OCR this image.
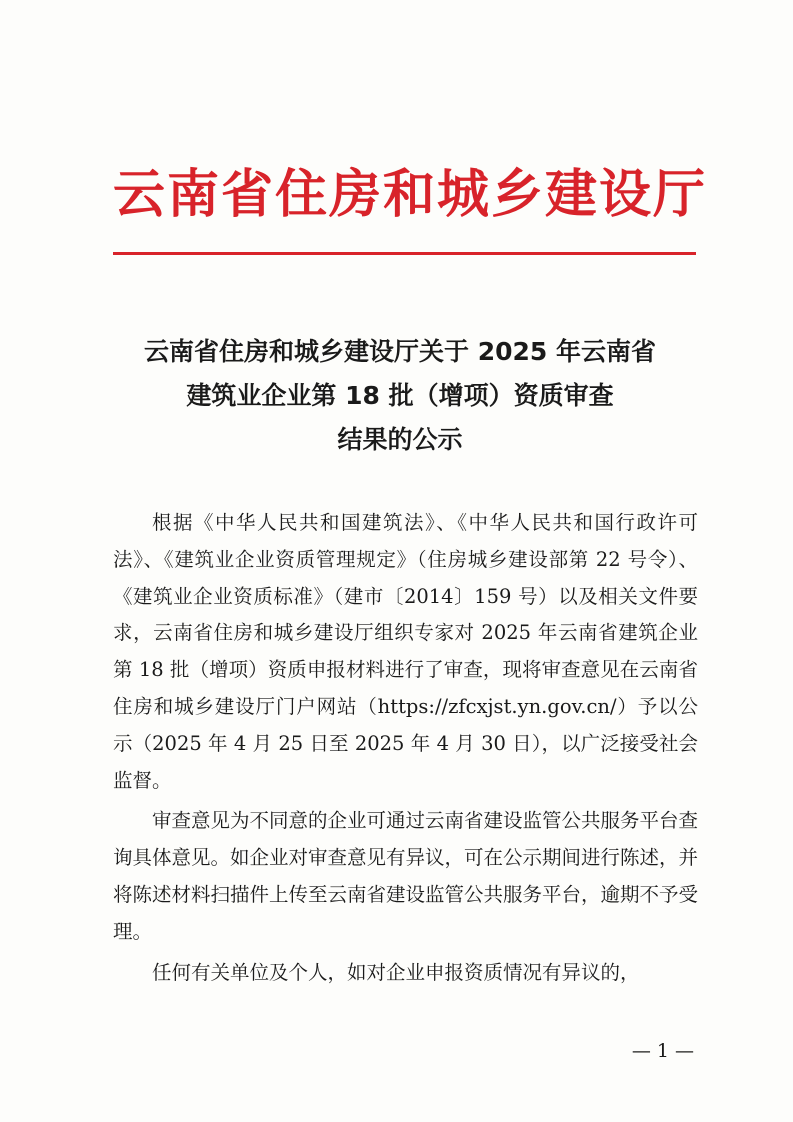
云南省住房和城乡建设厅
云南省住房和城乡建设厅关于 2025 年云南省
建筑业企业第 18 批（增项）资质审查
结果的公示

根据《中华人民共和国建筑法》、《中华人民共和国行政许可法》、《建筑业企业资质管理规定》（住房城乡建设部第 22 号令）、《建筑业企业资质标准》（建市〔2014〕159 号）以及相关文件要求，云南省住房和城乡建设厅组织专家对 2025 年云南省建筑企业第 18 批（增项）资质申报材料进行了审查，现将审查意见在云南省住房和城乡建设厅门户网站（https://zfcxjst.yn.gov.cn/）予以公示（2025 年 4 月 25 日至 2025 年 4 月 30 日），以广泛接受社会监督。

审查意见为不同意的企业可通过云南省建设监管公共服务平台查询具体意见。如企业对审查意见有异议，可在公示期间进行陈述，并将陈述材料扫描件上传至云南省建设监管公共服务平台，逾期不予受理。

任何有关单位及个人，如对企业申报资质情况有异议的，

— 1 —
